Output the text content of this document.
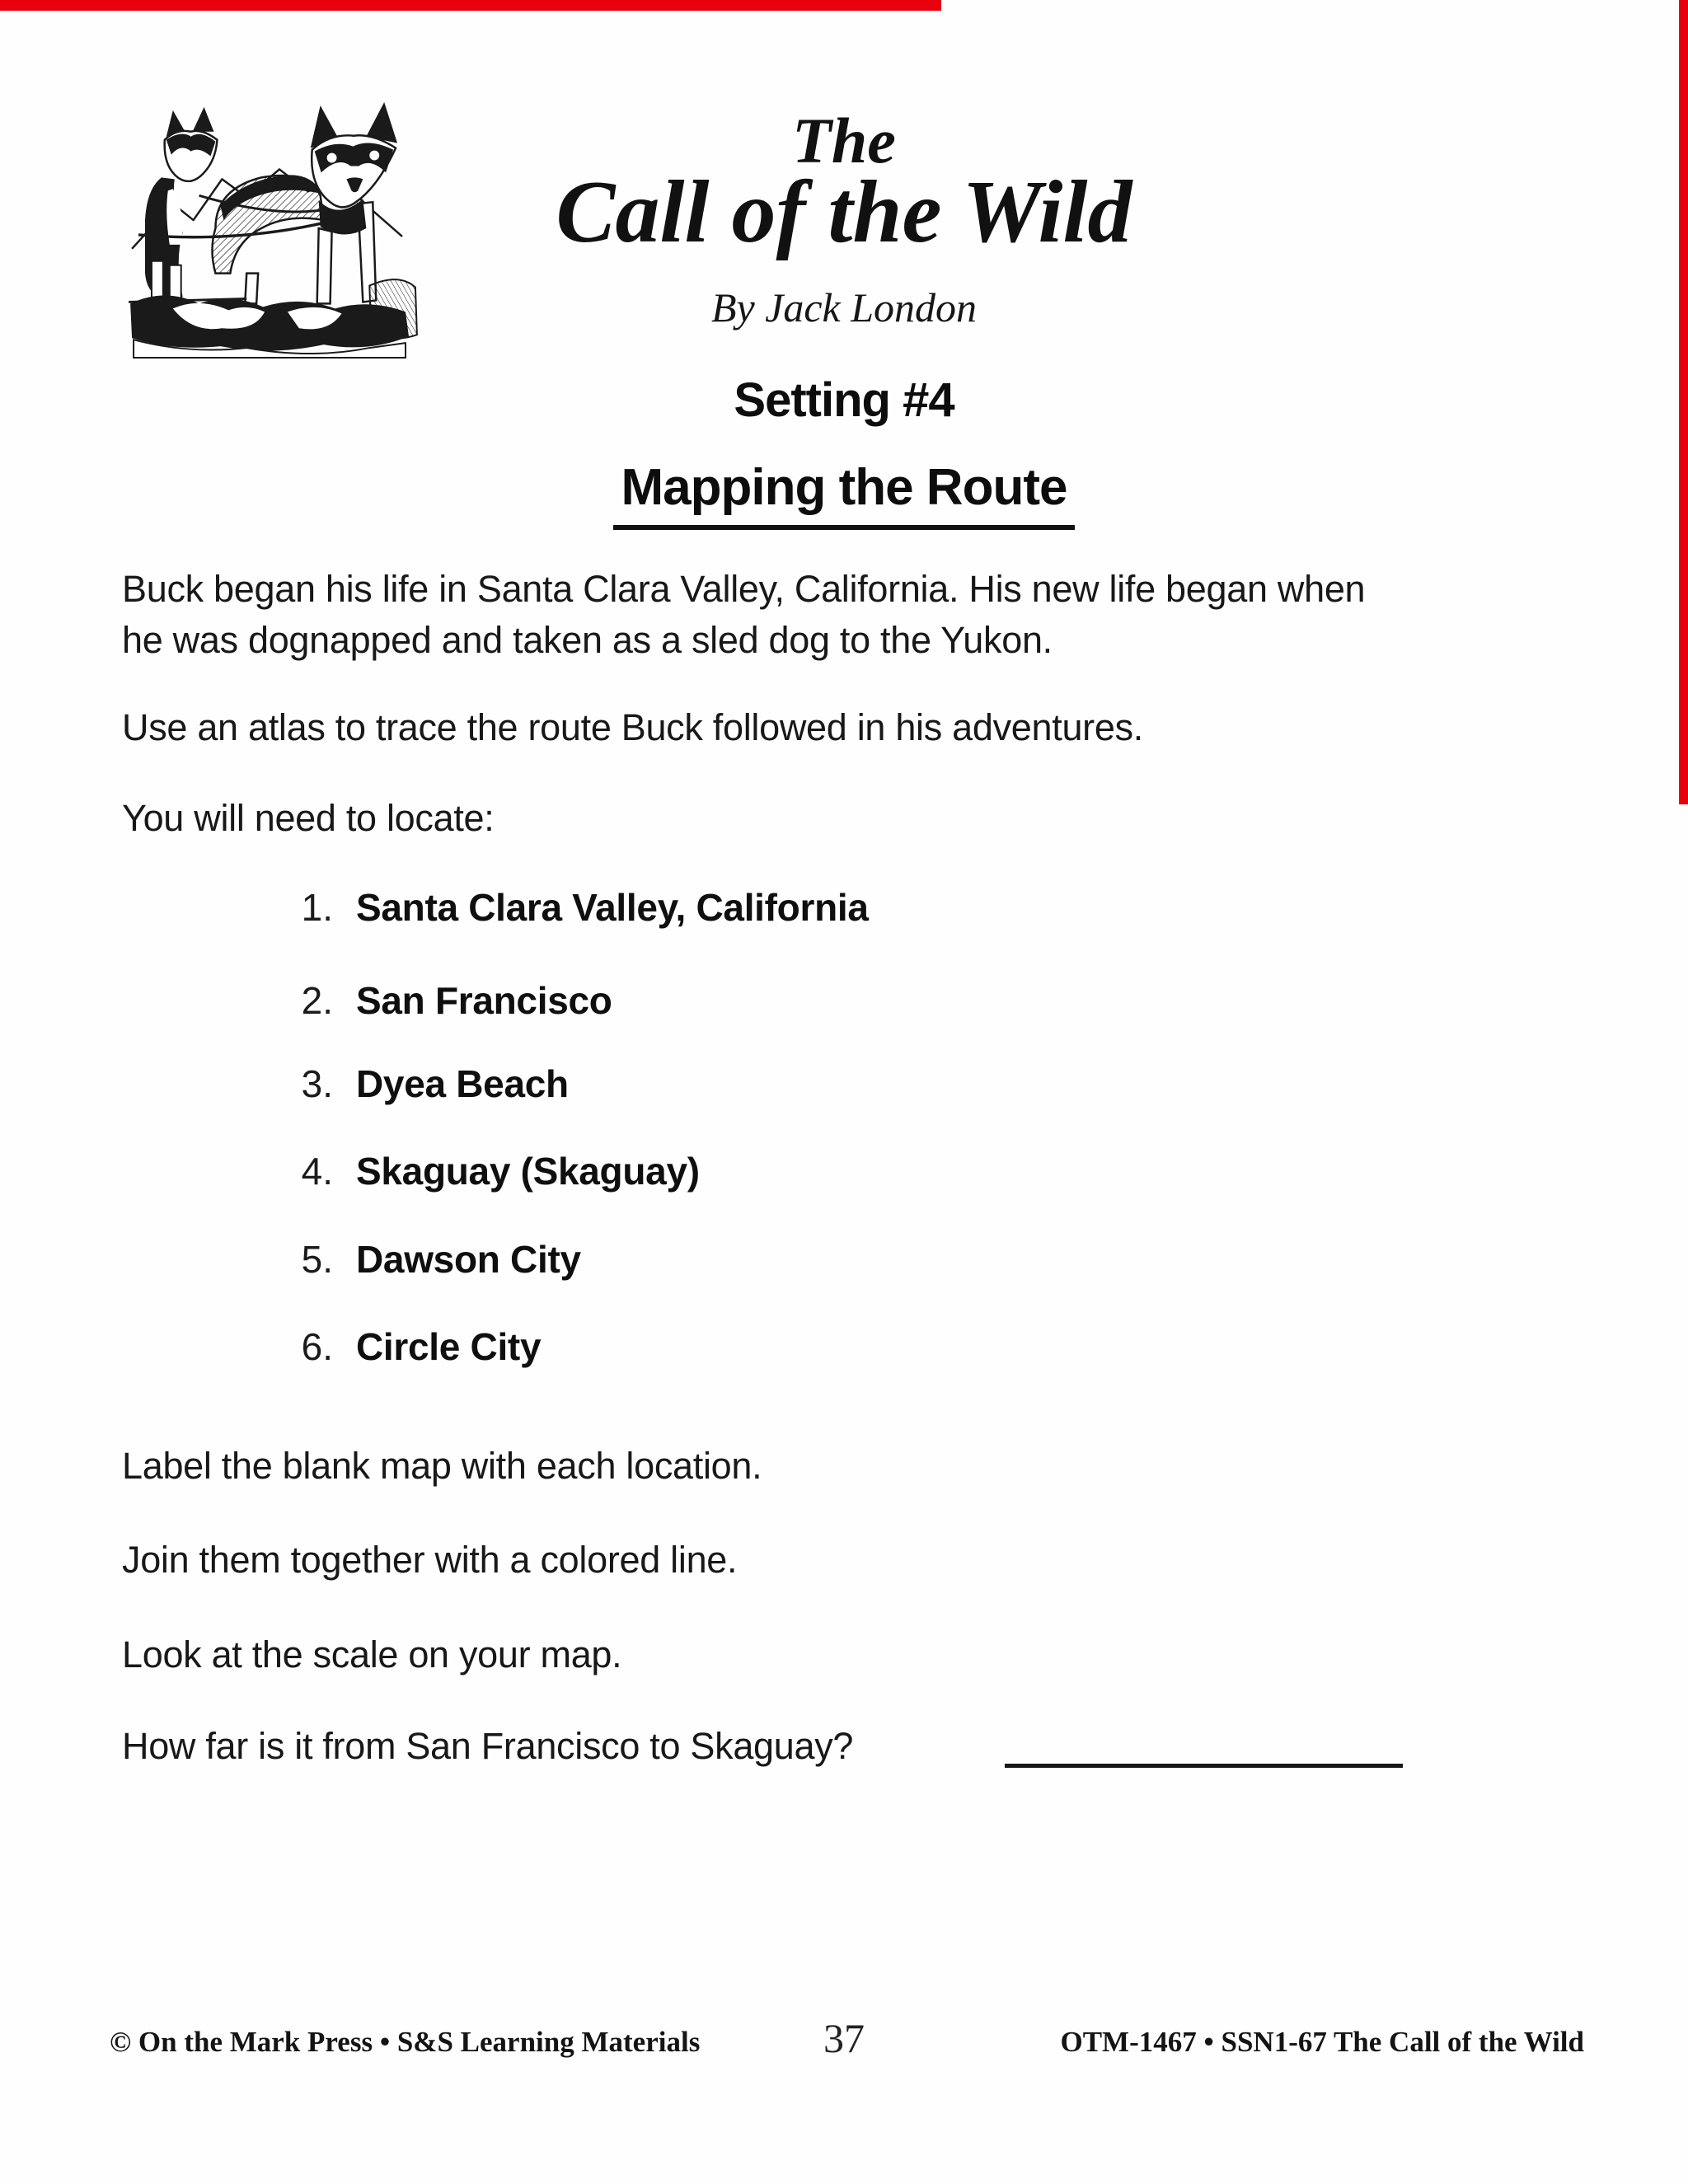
The
Call of the Wild
By Jack London
Setting #4
Mapping the Route
Buck began his life in Santa Clara Valley, California. His new life began when
he was dognapped and taken as a sled dog to the Yukon.
Use an atlas to trace the route Buck followed in his adventures.
You will need to locate:
1. Santa Clara Valley, California
2. San Francisco
3. Dyea Beach
4. Skaguay (Skaguay)
5. Dawson City
6. Circle City
Label the blank map with each location.
Join them together with a colored line.
Look at the scale on your map.
How far is it from San Francisco to Skaguay?
© On the Mark Press • S&S Learning Materials	37	OTM-1467 • SSN1-67 The Call of the Wild
